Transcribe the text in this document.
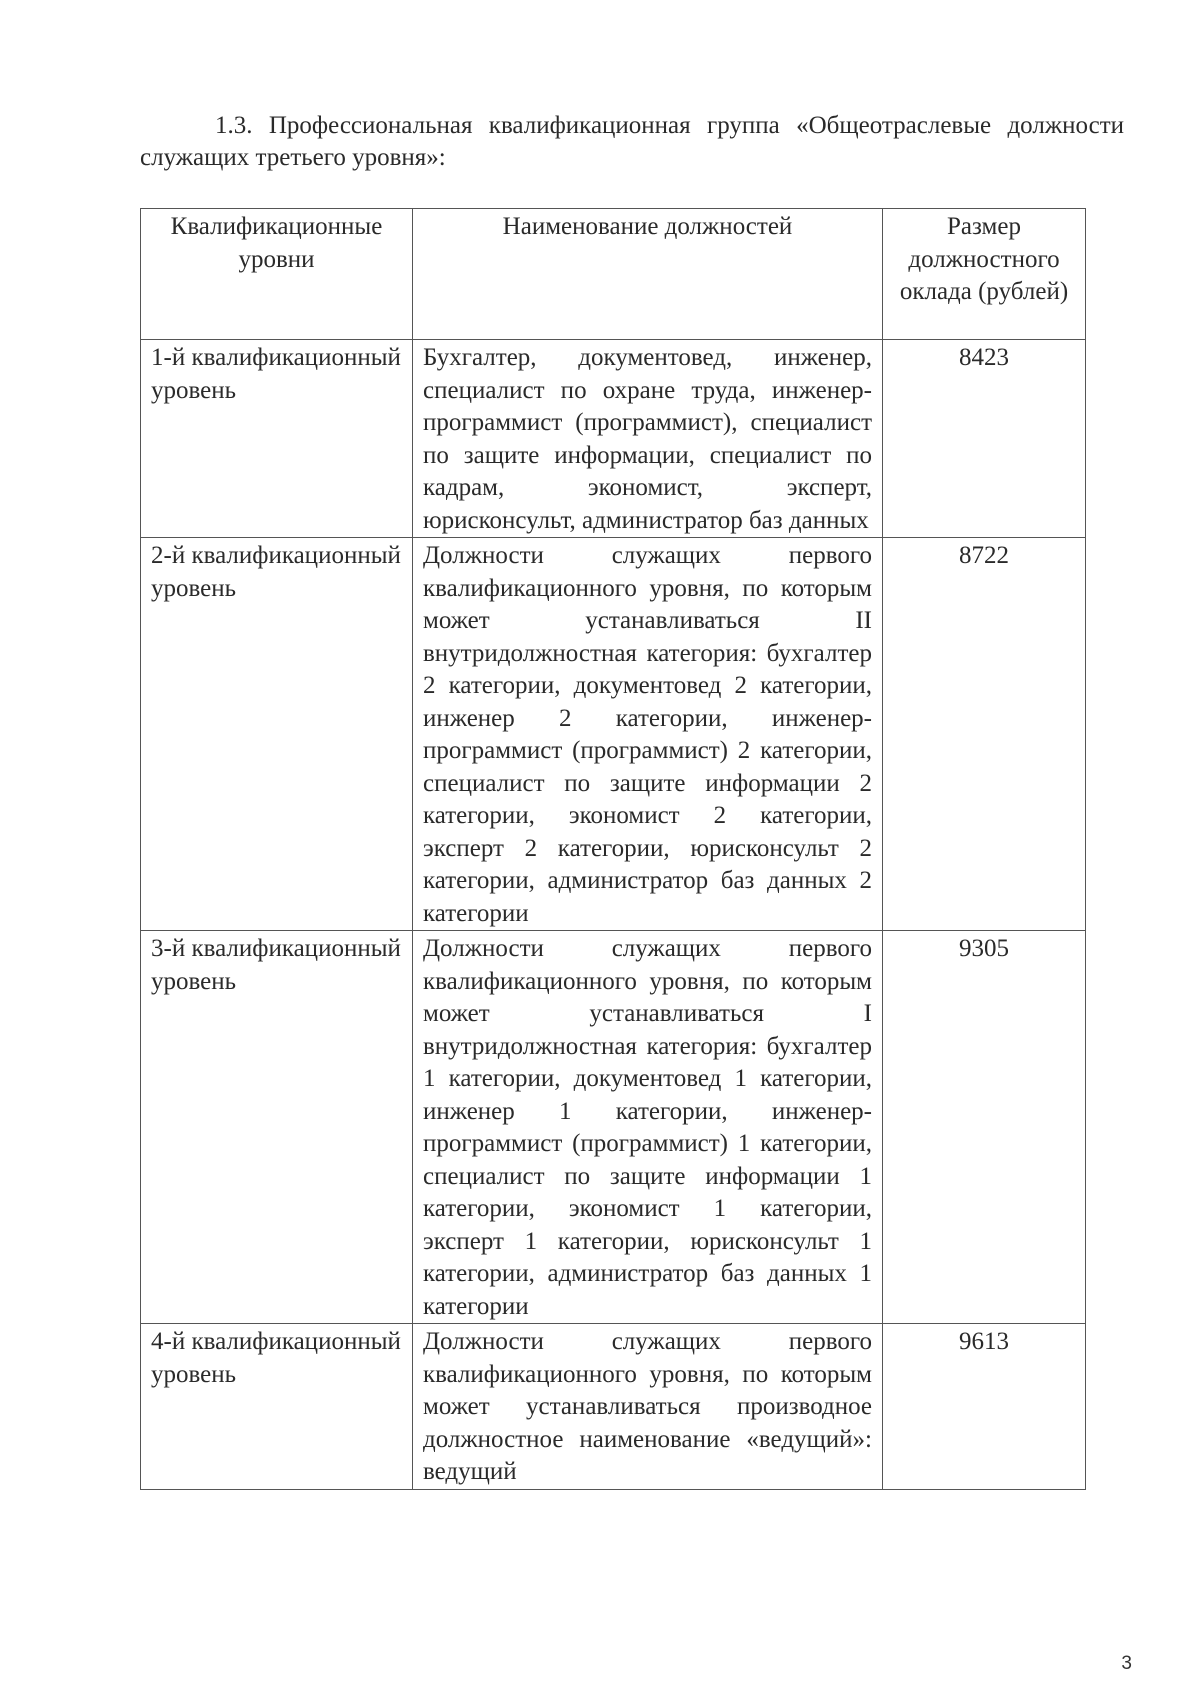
1.3. Профессиональная квалификационная группа «Общеотраслевые должности служащих третьего уровня»:
Квалификационные уровни	Наименование должностей	Размер должностного оклада (рублей)
1-й квалификационный уровень	Бухгалтер, документовед, инженер, специалист по охране труда, инженер-программист (программист), специалист по защите информации, специалист по кадрам, экономист, эксперт, юрисконсульт, администратор баз данных	8423
2-й квалификационный уровень	Должности служащих первого квалификационного уровня, по которым может устанавливаться II внутридолжностная категория: бухгалтер 2 категории, документовед 2 категории, инженер 2 категории, инженер-программист (программист) 2 категории, специалист по защите информации 2 категории, экономист 2 категории, эксперт 2 категории, юрисконсульт 2 категории, администратор баз данных 2 категории	8722
3-й квалификационный уровень	Должности служащих первого квалификационного уровня, по которым может устанавливаться I внутридолжностная категория: бухгалтер 1 категории, документовед 1 категории, инженер 1 категории, инженер-программист (программист) 1 категории, специалист по защите информации 1 категории, экономист 1 категории, эксперт 1 категории, юрисконсульт 1 категории, администратор баз данных 1 категории	9305
4-й квалификационный уровень	Должности служащих первого квалификационного уровня, по которым может устанавливаться производное должностное наименование «ведущий»: ведущий	9613
3
